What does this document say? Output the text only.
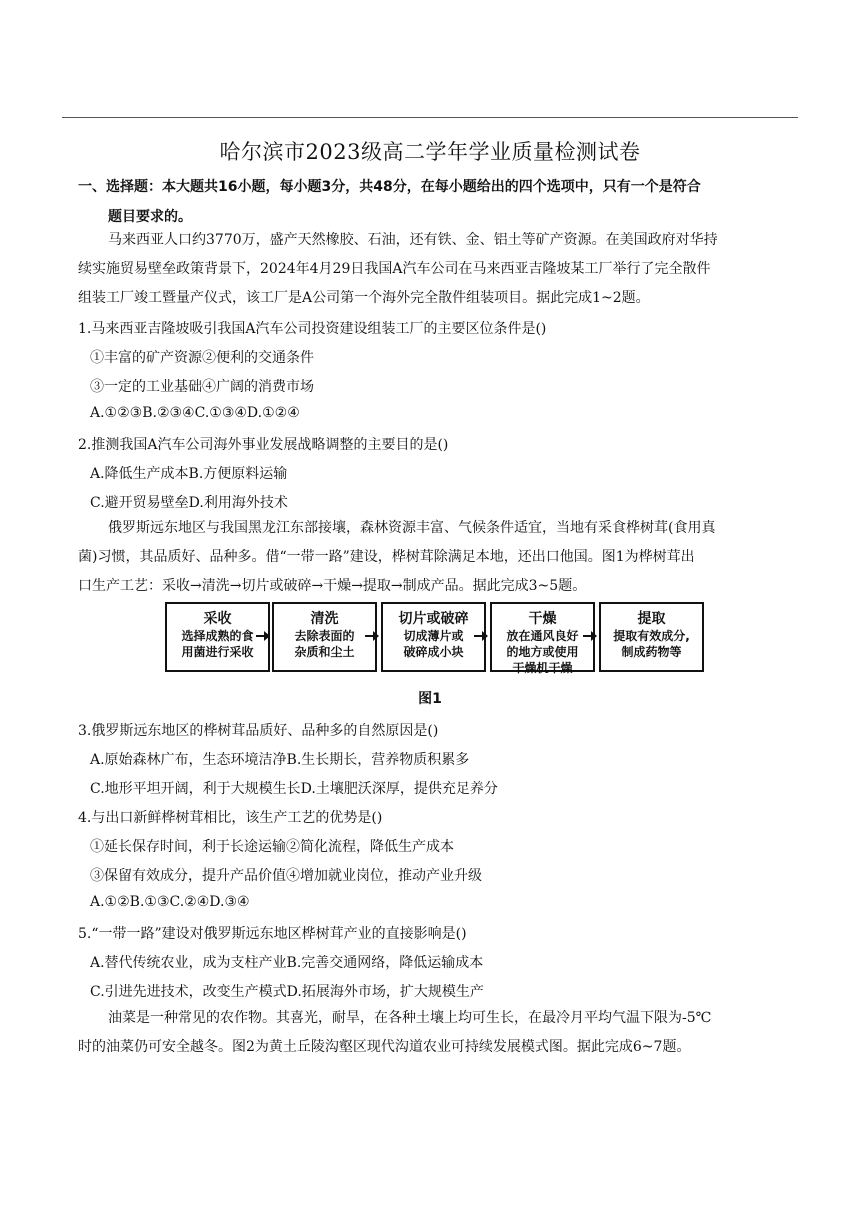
哈尔滨市2023级高二学年学业质量检测试卷
一、选择题：本大题共16小题，每小题3分，共48分，在每小题给出的四个选项中，只有一个是符合
题目要求的。
马来西亚人口约3770万，盛产天然橡胶、石油，还有铁、金、铝土等矿产资源。在美国政府对华持
续实施贸易壁垒政策背景下，2024年4月29日我国A汽车公司在马来西亚吉隆坡某工厂举行了完全散件
组装工厂竣工暨量产仪式，该工厂是A公司第一个海外完全散件组装项目。据此完成1~2题。
1.马来西亚吉隆坡吸引我国A汽车公司投资建设组装工厂的主要区位条件是()
①丰富的矿产资源②便利的交通条件
③一定的工业基础④广阔的消费市场
A.①②③B.②③④C.①③④D.①②④
2.推测我国A汽车公司海外事业发展战略调整的主要目的是()
A.降低生产成本B.方便原料运输
C.避开贸易壁垒D.利用海外技术
俄罗斯远东地区与我国黑龙江东部接壤，森林资源丰富、气候条件适宜，当地有采食桦树茸(食用真
菌)习惯，其品质好、品种多。借“一带一路”建设，桦树茸除满足本地，还出口他国。图1为桦树茸出
口生产工艺：采收→清洗→切片或破碎→干燥→提取→制成产品。据此完成3~5题。
采收
选择成熟的食
用菌进行采收
清洗
去除表面的
杂质和尘土
切片或破碎
切成薄片或
破碎成小块
干燥
放在通风良好
的地方或使用
干燥机干燥
提取
提取有效成分,
制成药物等
图1
3.俄罗斯远东地区的桦树茸品质好、品种多的自然原因是()
A.原始森林广布，生态环境洁净B.生长期长，营养物质积累多
C.地形平坦开阔，利于大规模生长D.土壤肥沃深厚，提供充足养分
4.与出口新鲜桦树茸相比，该生产工艺的优势是()
①延长保存时间，利于长途运输②简化流程，降低生产成本
③保留有效成分，提升产品价值④增加就业岗位，推动产业升级
A.①②B.①③C.②④D.③④
5.“一带一路”建设对俄罗斯远东地区桦树茸产业的直接影响是()
A.替代传统农业，成为支柱产业B.完善交通网络，降低运输成本
C.引进先进技术，改变生产模式D.拓展海外市场，扩大规模生产
油菜是一种常见的农作物。其喜光，耐旱，在各种土壤上均可生长，在最冷月平均气温下限为-5℃
时的油菜仍可安全越冬。图2为黄土丘陵沟壑区现代沟道农业可持续发展模式图。据此完成6~7题。
